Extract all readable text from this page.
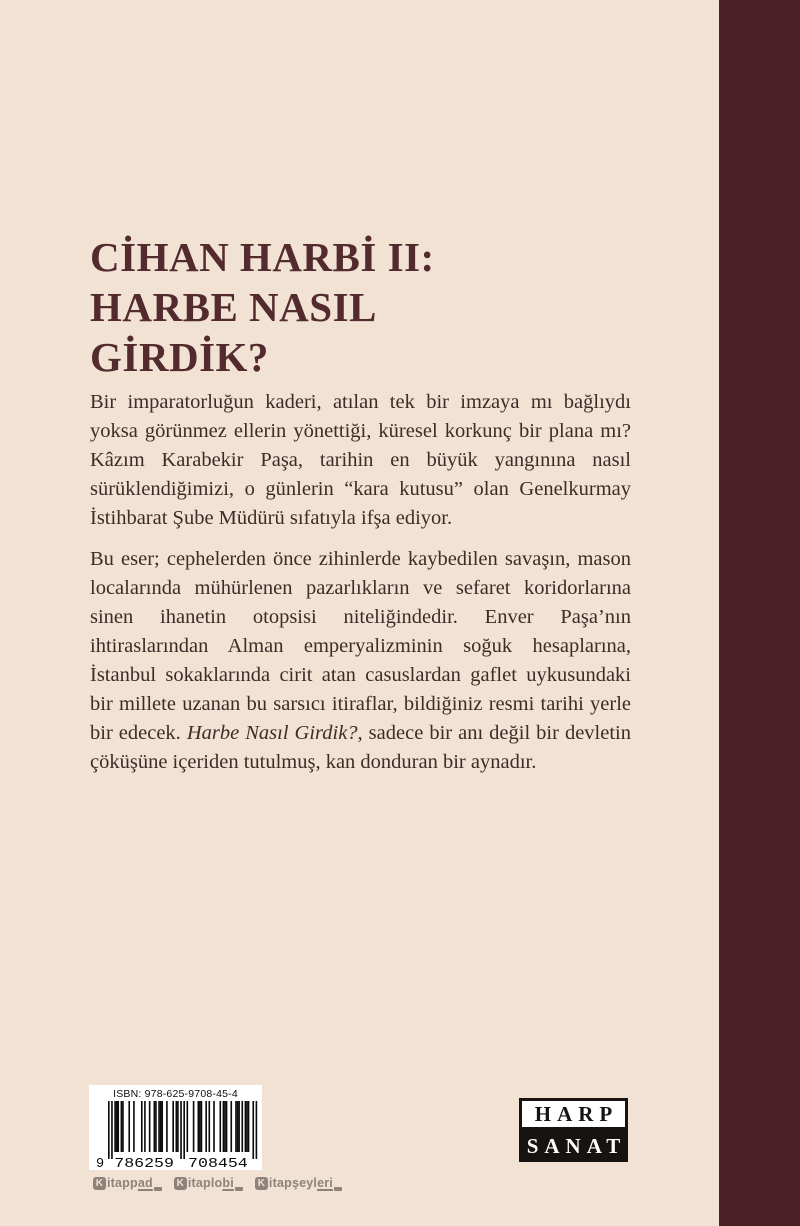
CİHAN HARBİ II:
HARBE NASIL
GİRDİK?

Bir imparatorluğun kaderi, atılan tek bir imzaya mı bağlıydı yoksa görünmez ellerin yönettiği, küresel korkunç bir plana mı? Kâzım Karabekir Paşa, tarihin en büyük yangınına nasıl sürüklendiğimizi, o günlerin “kara kutusu” olan Genelkurmay İstihbarat Şube Müdürü sıfatıyla ifşa ediyor.

Bu eser; cephelerden önce zihinlerde kaybedilen savaşın, mason localarında mühürlenen pazarlıkların ve sefaret koridorlarına sinen ihanetin otopsisi niteliğindedir. Enver Paşa’nın ihtiraslarından Alman emperyalizminin soğuk hesaplarına, İstanbul sokaklarında cirit atan casuslardan gaflet uykusundaki bir millete uzanan bu sarsıcı itiraflar, bildiğiniz resmi tarihi yerle bir edecek. Harbe Nasıl Girdik?, sadece bir anı değil bir devletin çöküşüne içeriden tutulmuş, kan donduran bir aynadır.

ISBN: 978-625-9708-45-4
9 786259 708454
HARP
SANAT
K itapp ad K itaplo bi K itapşeyl eri
